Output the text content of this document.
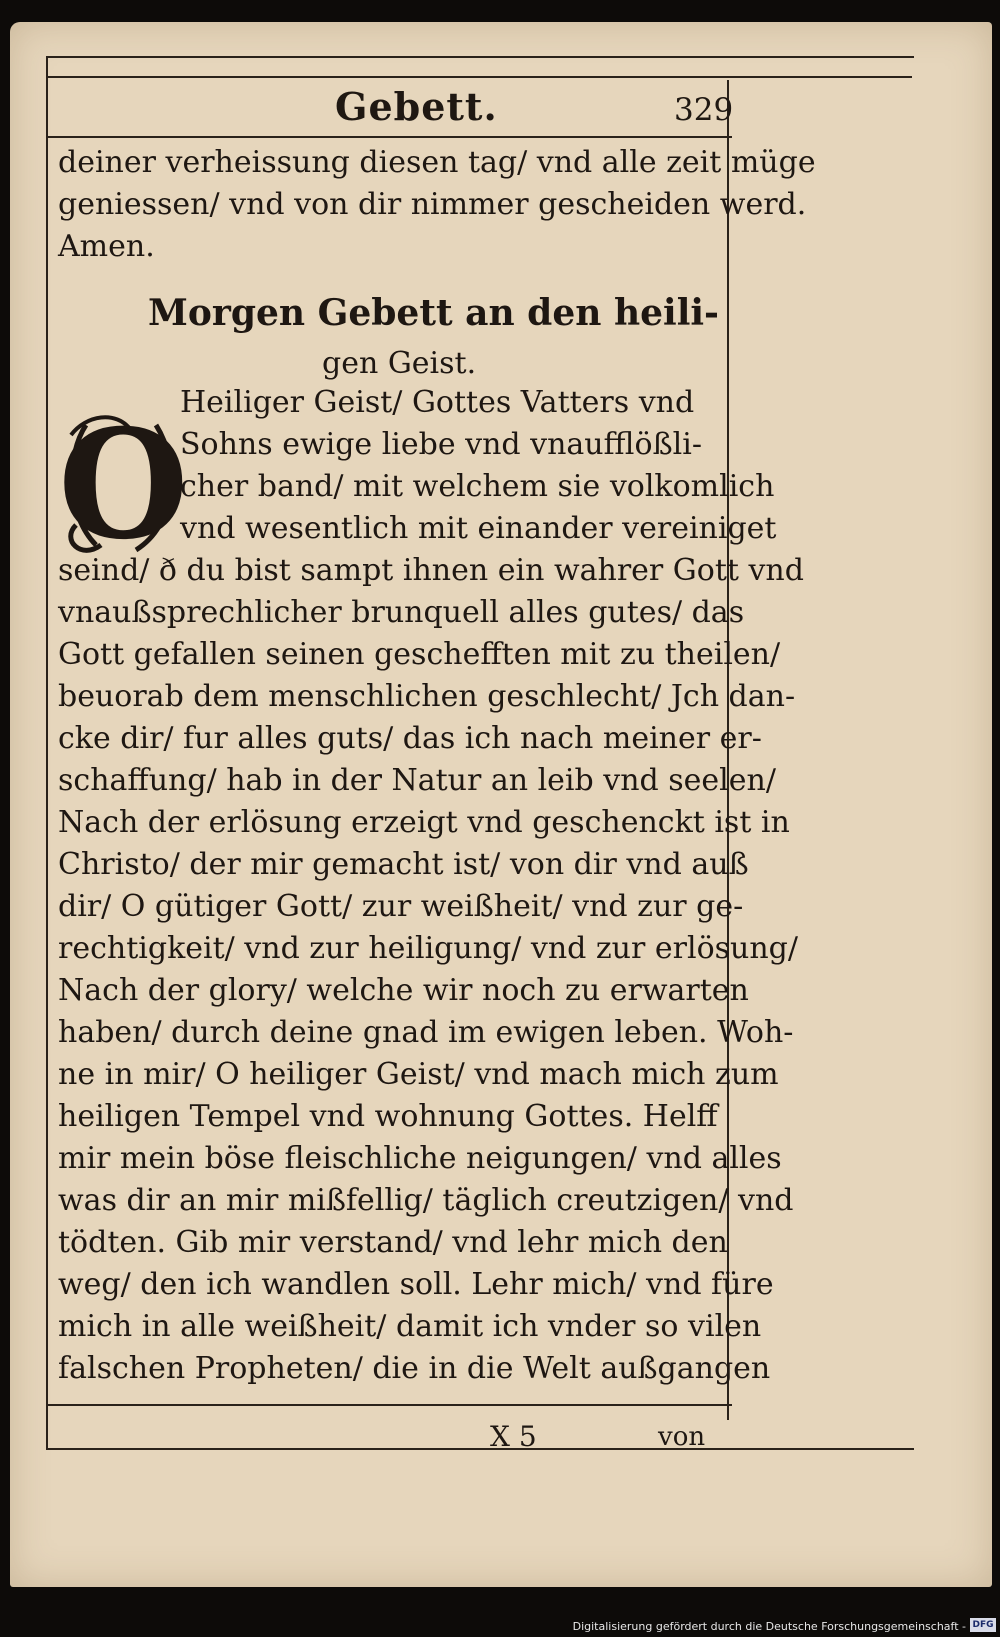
Gebett.	329
deiner verheissung diesen tag/ vnd alle zeit müge
geniessen/ vnd von dir nimmer gescheiden werd.
Amen.
Morgen Gebett an den heili-
gen Geist.
O
Heiliger Geist/ Gottes Vatters vnd
Sohns ewige liebe vnd vnaufflößli-
cher band/ mit welchem sie volkomlich
vnd wesentlich mit einander vereiniget
seind/ ð du bist sampt ihnen ein wahrer Gott vnd
vnaußsprechlicher brunquell alles gutes/ das
Gott gefallen seinen geschefften mit zu theilen/
beuorab dem menschlichen geschlecht/ Jch dan-
cke dir/ fur alles guts/ das ich nach meiner er-
schaffung/ hab in der Natur an leib vnd seelen/
Nach der erlösung erzeigt vnd geschenckt ist in
Christo/ der mir gemacht ist/ von dir vnd auß
dir/ O gütiger Gott/ zur weißheit/ vnd zur ge-
rechtigkeit/ vnd zur heiligung/ vnd zur erlösung/
Nach der glory/ welche wir noch zu erwarten
haben/ durch deine gnad im ewigen leben. Woh-
ne in mir/ O heiliger Geist/ vnd mach mich zum
heiligen Tempel vnd wohnung Gottes. Helff
mir mein böse fleischliche neigungen/ vnd alles
was dir an mir mißfellig/ täglich creutzigen/ vnd
tödten. Gib mir verstand/ vnd lehr mich den
weg/ den ich wandlen soll. Lehr mich/ vnd füre
mich in alle weißheit/ damit ich vnder so vilen
falschen Propheten/ die in die Welt außgangen
X 5	von
Digitalisierung gefördert durch die Deutsche Forschungsgemeinschaft - DFG
